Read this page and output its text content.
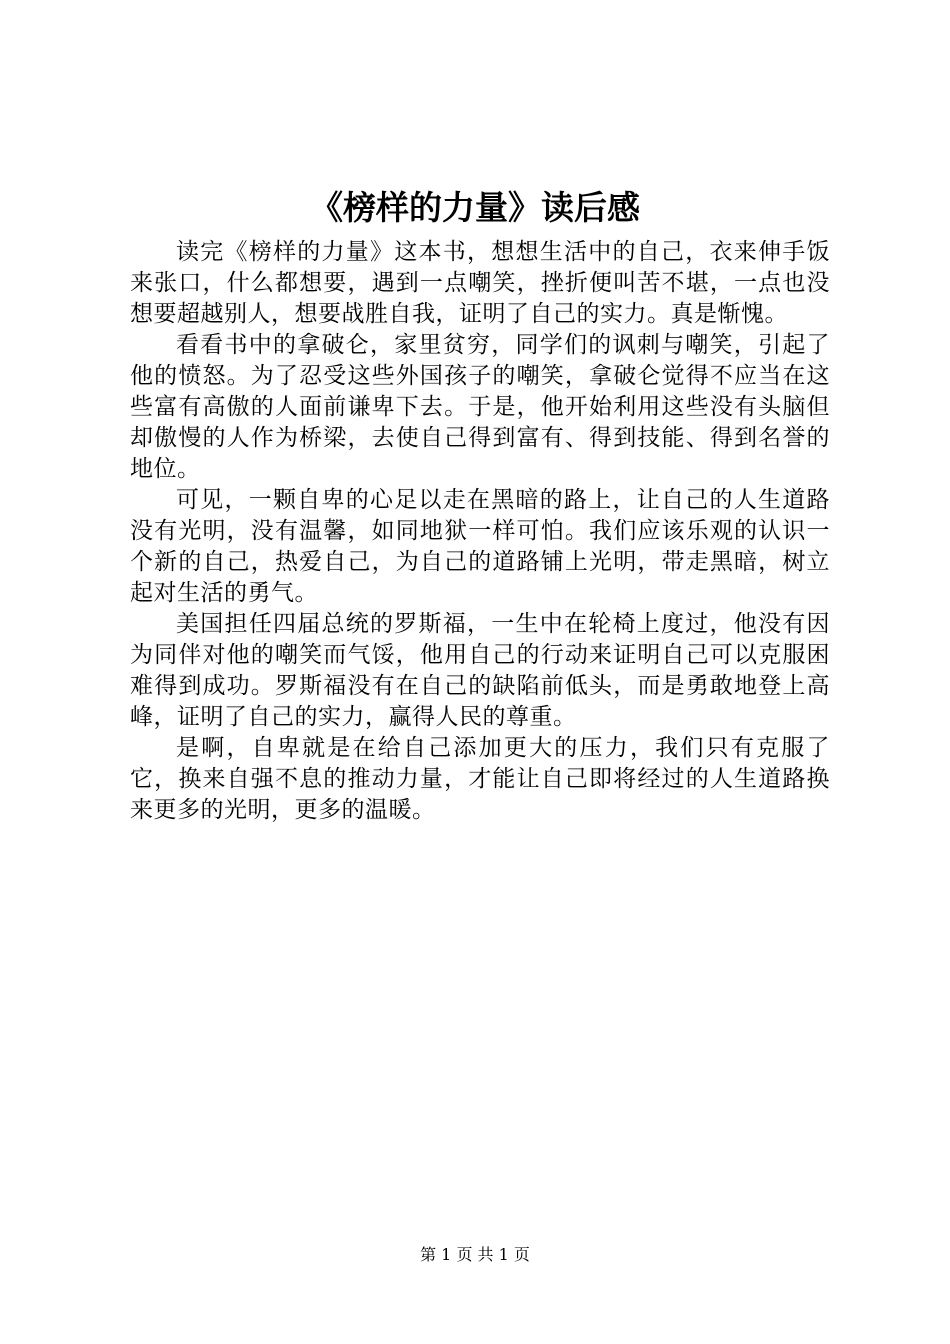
《榜样的力量》读后感

读完《榜样的力量》这本书，想想生活中的自己，衣来伸手饭来张口，什么都想要，遇到一点嘲笑，挫折便叫苦不堪，一点也没想要超越别人，想要战胜自我，证明了自己的实力。真是惭愧。

看看书中的拿破仑，家里贫穷，同学们的讽刺与嘲笑，引起了他的愤怒。为了忍受这些外国孩子的嘲笑，拿破仑觉得不应当在这些富有高傲的人面前谦卑下去。于是，他开始利用这些没有头脑但却傲慢的人作为桥梁，去使自己得到富有、得到技能、得到名誉的地位。

可见，一颗自卑的心足以走在黑暗的路上，让自己的人生道路没有光明，没有温馨，如同地狱一样可怕。我们应该乐观的认识一个新的自己，热爱自己，为自己的道路铺上光明，带走黑暗，树立起对生活的勇气。

美国担任四届总统的罗斯福，一生中在轮椅上度过，他没有因为同伴对他的嘲笑而气馁，他用自己的行动来证明自己可以克服困难得到成功。罗斯福没有在自己的缺陷前低头，而是勇敢地登上高峰，证明了自己的实力，赢得人民的尊重。

是啊，自卑就是在给自己添加更大的压力，我们只有克服了它，换来自强不息的推动力量，才能让自己即将经过的人生道路换来更多的光明，更多的温暖。

第 1 页 共 1 页
